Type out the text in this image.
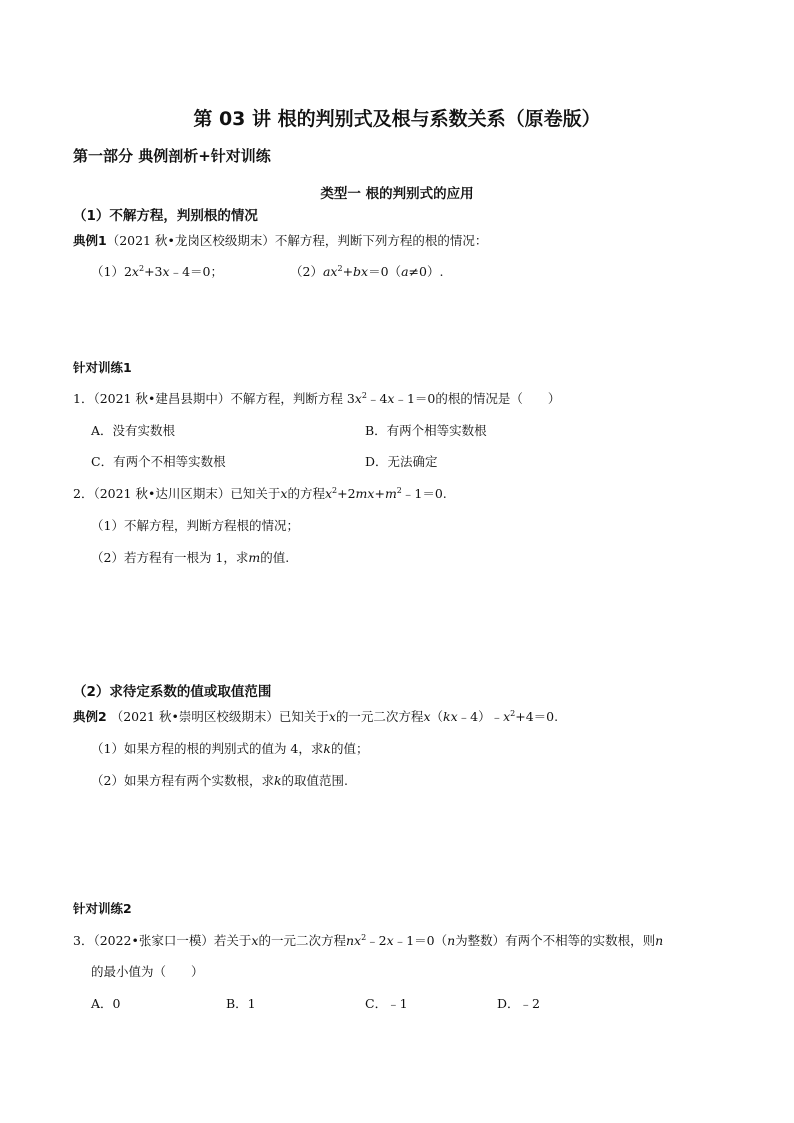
第 03 讲 根的判别式及根与系数关系（原卷版）
第一部分 典例剖析+针对训练
类型一 根的判别式的应用
（1）不解方程，判别根的情况
典例1（2021 秋•龙岗区校级期末）不解方程，判断下列方程的根的情况：
$(1)2x^2+3x﹣4=0$；	$(2)ax^2+bx=0(a\ne 0)$.
针对训练1
1．（2021 秋•建昌县期中）不解方程，判断方程 $3x^2﹣4x﹣1=0$的根的情况是（　　）
A．没有实数根	B．有两个相等实数根
C．有两个不相等实数根	D．无法确定
2．（2021 秋•达川区期末）已知关于x的方程$x^2+2mx+m^2﹣1=0$.
（1）不解方程，判断方程根的情况；
（2）若方程有一根为 1，求m的值.
（2）求待定系数的值或取值范围
典例2 （2021 秋•崇明区校级期末）已知关于x的一元二次方程$x(kx﹣4)﹣x^2+4=0$.
（1）如果方程的根的判别式的值为 4，求k的值；
（2）如果方程有两个实数根，求k的取值范围.
针对训练2
3．（2022•张家口一模）若关于x的一元二次方程$nx^2﹣2x﹣1=0(n$为整数）有两个不相等的实数根，则n
的最小值为（　　）
A．0	B．1	C．﹣1	D．﹣2
